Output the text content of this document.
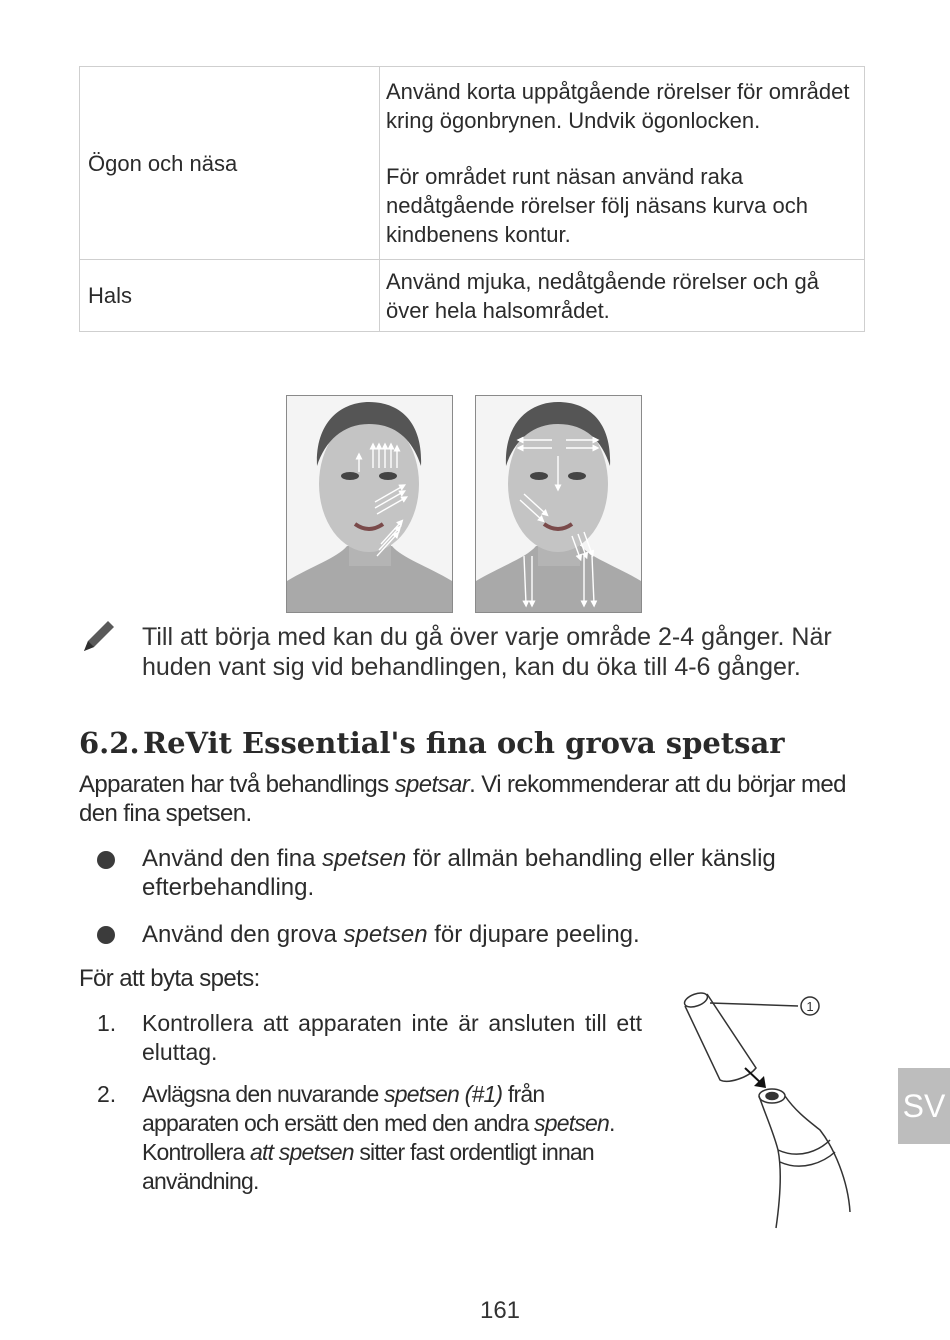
Ögon och näsa	Använd korta uppåtgående rörelser för området kring ögonbrynen. Undvik ögonlocken.
För området runt näsan använd raka nedåtgående rörelser följ näsans kurva och kindbenens kontur.

Hals	Använd mjuka, nedåtgående rörelser och gå över hela halsområdet.
Till att börja med kan du gå över varje område 2-4 gånger. När huden vant sig vid behandlingen, kan du öka till 4-6 gånger.
6.2. ReVit Essential's fina och grova spetsar
Apparaten har två behandlings spetsar. Vi rekommenderar att du börjar med den fina spetsen.
Använd den fina spetsen för allmän behandling eller känslig efterbehandling.
Använd den grova spetsen för djupare peeling.
För att byta spets:
1. Kontrollera att apparaten inte är ansluten till ett eluttag.
2. Avlägsna den nuvarande spetsen (#1) från apparaten och ersätt den med den andra spetsen. Kontrollera att spetsen sitter fast ordentligt innan användning.
1
SV
161
